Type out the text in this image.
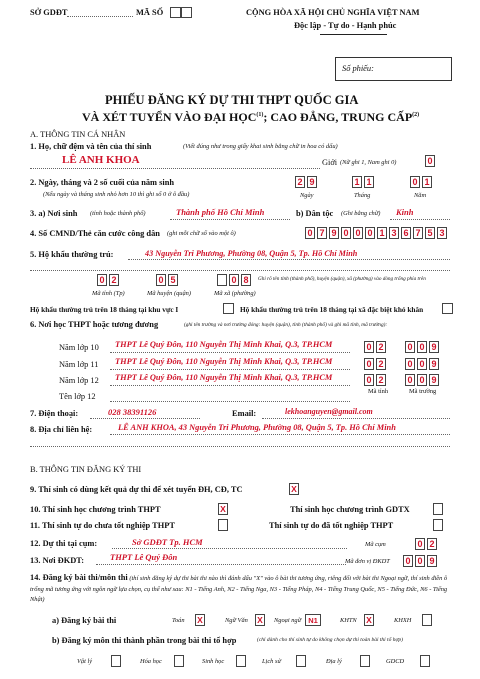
SỞ GDĐT	MÃ SỐ	CỘNG HÒA XÃ HỘI CHỦ NGHĨA VIỆT NAM
Độc lập - Tự do - Hạnh phúc
Số phiếu:
PHIẾU ĐĂNG KÝ DỰ THI THPT QUỐC GIA
VÀ XÉT TUYỂN VÀO ĐẠI HỌC$^{(1)}$; CAO ĐẲNG, TRUNG CẤP$^{(2)}$
A. THÔNG TIN CÁ NHÂN
1. Họ, chữ đệm và tên của thí sinh	(Viết đúng như trong giấy khai sinh bằng chữ in hoa có dấu)
LÊ ANH KHOA	Giới (Nữ ghi 1, Nam ghi 0)	0
2. Ngày, tháng và 2 số cuối của năm sinh
(Nếu ngày và tháng sinh nhỏ hơn 10 thì ghi số 0 ở ô đầu)
2 9	1 1	0 1
Ngày	Tháng	Năm
3. a) Nơi sinh (tỉnh hoặc thành phố)	Thành phố Hồ Chí Minh	b) Dân tộc (Ghi bằng chữ) Kinh
4. Số CMND/Thẻ căn cước công dân (ghi mỗi chữ số vào một ô)
5. Hộ khẩu thường trú:	43 Nguyễn Tri Phương, Phường 08, Quận 5, Tp. Hồ Chí Minh
0 2	0 5	0 8	Ghi rõ tên tỉnh (thành phố), huyện (quận), xã (phường) vào dòng trống phía trên
Mã tỉnh (Tp)	Mã huyện (quận)	Mã xã (phường)
Hộ khẩu thường trú trên 18 tháng tại khu vực I	Hộ khẩu thường trú trên 18 tháng tại xã đặc biệt khó khăn
6. Nơi học THPT hoặc tương đương	(ghi tên trường và nơi trường đóng: huyện (quận), tỉnh (thành phố) và ghi mã tỉnh, mã trường):
Tên lớp 12
Mã tỉnh	Mã trường
7. Điện thoại:	028 38391126	Email:	lekhoanguyen@gmail.com
8. Địa chỉ liên hệ:	LÊ ANH KHOA, 43 Nguyễn Tri Phương, Phường 08, Quận 5, Tp. Hồ Chí Minh
B. THÔNG TIN ĐĂNG KÝ THI
9. Thí sinh có dùng kết quả dự thi để xét tuyển ĐH, CĐ, TC	X
10. Thí sinh học chương trình THPT	X	Thí sinh học chương trình GDTX
11. Thí sinh tự do chưa tốt nghiệp THPT	Thí sinh tự do đã tốt nghiệp THPT
12. Dự thi tại cụm:	Sở GDĐT Tp. HCM	Mã cụm	0 2
13. Nơi ĐKDT:	THPT Lê Quý Đôn	Mã đơn vị ĐKDT 0 0 9
14. Đăng ký bài thi/môn thi (thí sinh đăng ký dự thi bài thi nào thì đánh dấu "X" vào ô bài thi tương ứng, riêng đối với bài thi Ngoại ngữ, thí sinh điền ô trống mã tương ứng với ngôn ngữ lựa chọn, cụ thể như sau: N1 - Tiếng Anh, N2 - Tiếng Nga, N3 - Tiếng Pháp, N4 - Tiếng Trung Quốc, N5 - Tiếng Đức, N6 - Tiếng Nhật)
a) Đăng ký bài thi	Toán X	Ngữ Văn X	Ngoại ngữ N1	KHTN X	KHXH
b) Đăng ký môn thi thành phần trong bài thi tổ hợp	(chỉ dành cho thí sinh tự do không chọn dự thi toàn bài thi tổ hợp)
0 7 9 0 0 0 1 3 6 7 5 3
Năm lớp 10 THPT Lê Quý Đôn, 110 Nguyễn Thị Minh Khai, Q.3, TP.HCM	0 2	0 0 9
Năm lớp 11 THPT Lê Quý Đôn, 110 Nguyễn Thị Minh Khai, Q.3, TP.HCM	0 2	0 0 9
Năm lớp 12 THPT Lê Quý Đôn, 110 Nguyễn Thị Minh Khai, Q.3, TP.HCM	0 2	0 0 9
Vật lý	Hóa học	Sinh học	Lịch sử	Địa lý	GDCD
